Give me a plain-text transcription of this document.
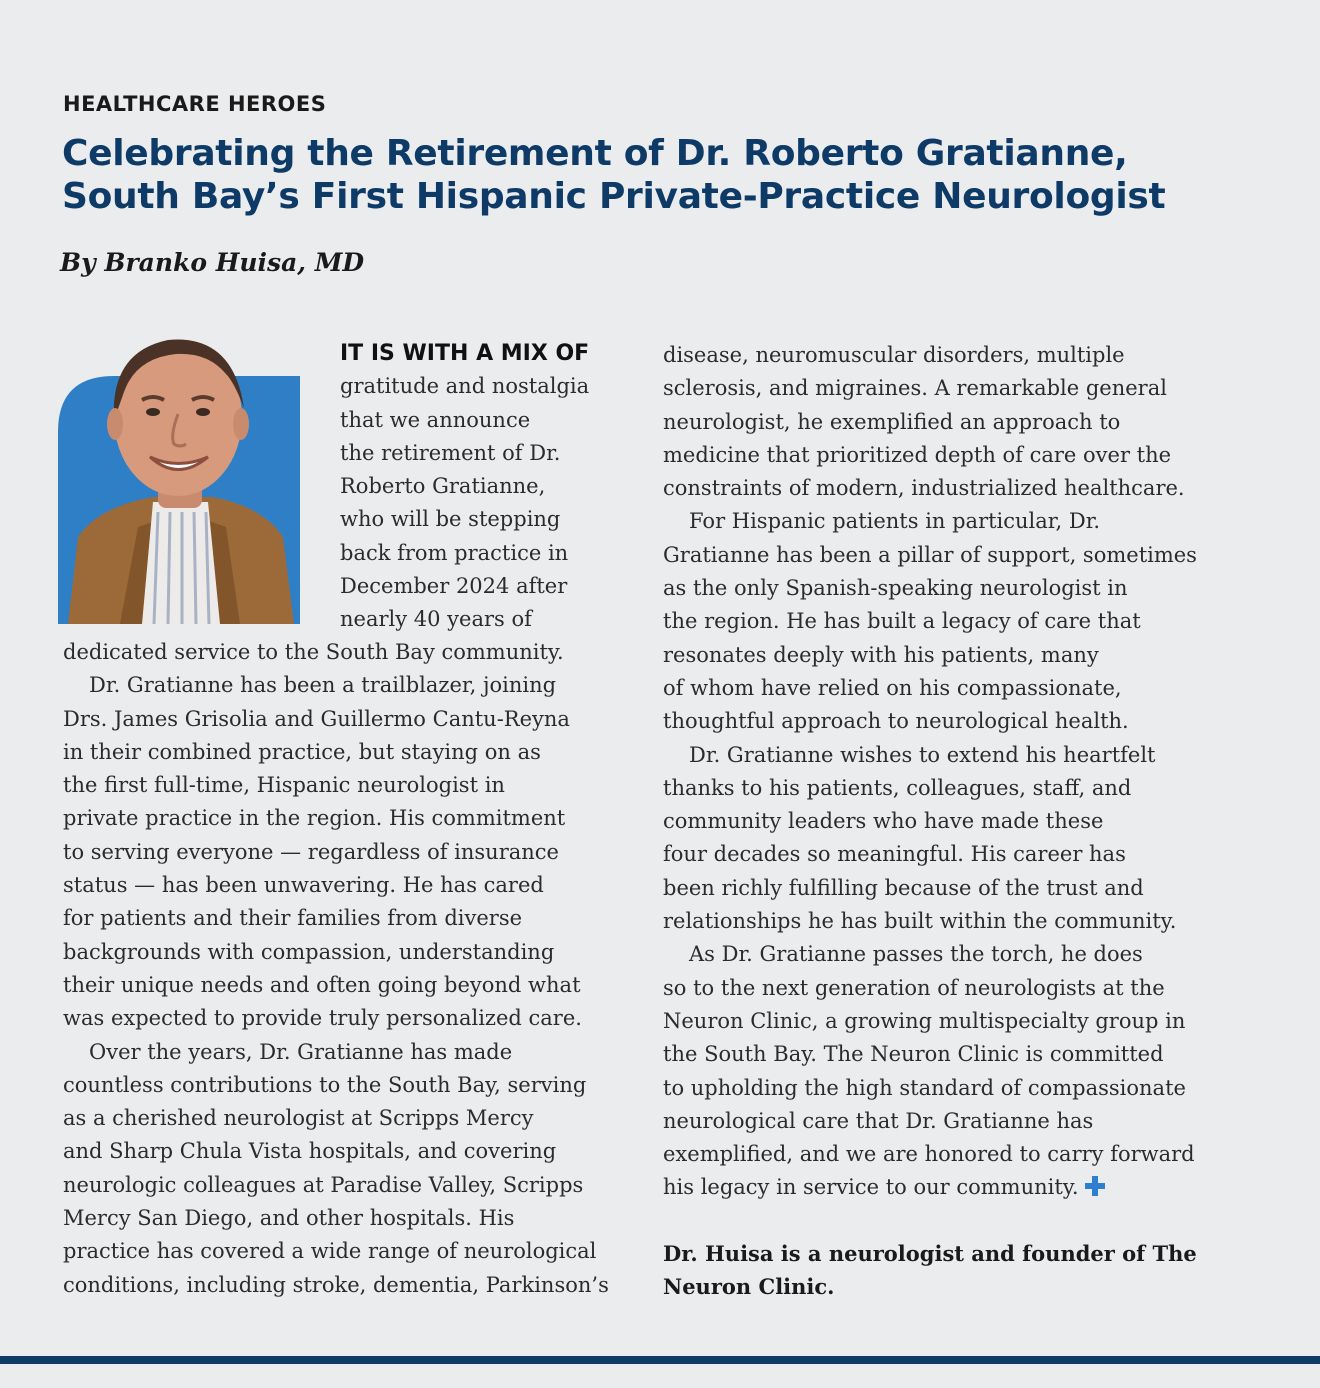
HEALTHCARE HEROES
Celebrating the Retirement of Dr. Roberto Gratianne,
South Bay’s First Hispanic Private-Practice Neurologist
By Branko Huisa, MD
IT IS WITH A MIX OF
gratitude and nostalgia
that we announce
the retirement of Dr.
Roberto Gratianne,
who will be stepping
back from practice in
December 2024 after
nearly 40 years of
dedicated service to the South Bay community.
Dr. Gratianne has been a trailblazer, joining
Drs. James Grisolia and Guillermo Cantu-Reyna
in their combined practice, but staying on as
the first full-time, Hispanic neurologist in
private practice in the region. His commitment
to serving everyone — regardless of insurance
status — has been unwavering. He has cared
for patients and their families from diverse
backgrounds with compassion, understanding
their unique needs and often going beyond what
was expected to provide truly personalized care.
Over the years, Dr. Gratianne has made
countless contributions to the South Bay, serving
as a cherished neurologist at Scripps Mercy
and Sharp Chula Vista hospitals, and covering
neurologic colleagues at Paradise Valley, Scripps
Mercy San Diego, and other hospitals. His
practice has covered a wide range of neurological
conditions, including stroke, dementia, Parkinson’s
disease, neuromuscular disorders, multiple
sclerosis, and migraines. A remarkable general
neurologist, he exemplified an approach to
medicine that prioritized depth of care over the
constraints of modern, industrialized healthcare.
For Hispanic patients in particular, Dr.
Gratianne has been a pillar of support, sometimes
as the only Spanish-speaking neurologist in
the region. He has built a legacy of care that
resonates deeply with his patients, many
of whom have relied on his compassionate,
thoughtful approach to neurological health.
Dr. Gratianne wishes to extend his heartfelt
thanks to his patients, colleagues, staff, and
community leaders who have made these
four decades so meaningful. His career has
been richly fulfilling because of the trust and
relationships he has built within the community.
As Dr. Gratianne passes the torch, he does
so to the next generation of neurologists at the
Neuron Clinic, a growing multispecialty group in
the South Bay. The Neuron Clinic is committed
to upholding the high standard of compassionate
neurological care that Dr. Gratianne has
exemplified, and we are honored to carry forward
his legacy in service to our community.
Dr. Huisa is a neurologist and founder of The
Neuron Clinic.
